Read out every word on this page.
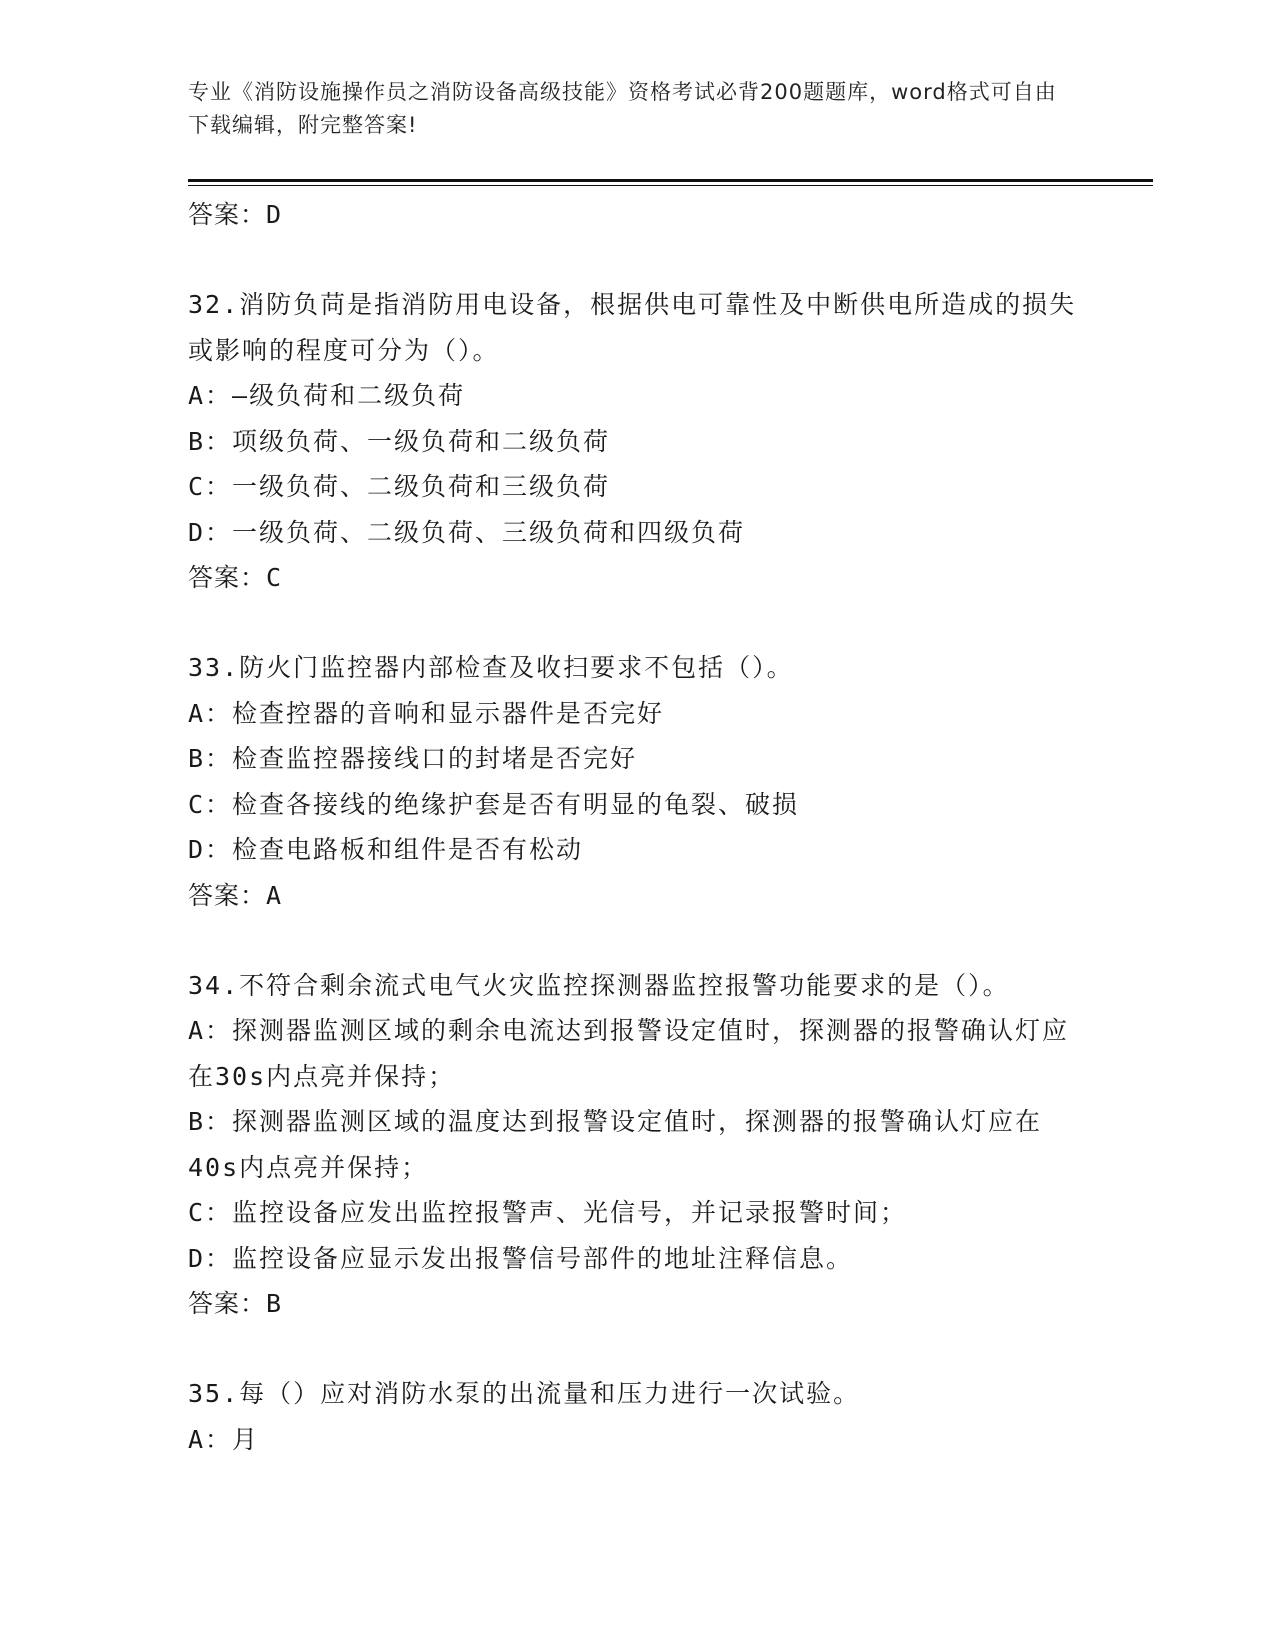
专业《消防设施操作员之消防设备高级技能》资格考试必背200题题库，word格式可自由下载编辑，附完整答案!
答案：D
32.消防负苘是指消防用电设备，根据供电可靠性及中断供电所造成的损失或影响的程度可分为（）。
A：—级负荷和二级负荷
B：项级负荷、一级负荷和二级负荷
C：一级负荷、二级负荷和三级负荷
D：一级负荷、二级负荷、三级负荷和四级负荷
答案：C
33.防火门监控器内部检查及收扫要求不包括（）。
A：检查控器的音响和显示器件是否完好
B：检查监控器接线口的封堵是否完好
C：检查各接线的绝缘护套是否有明显的龟裂、破损
D：检查电路板和组件是否有松动
答案：A
34.不符合剩余流式电气火灾监控探测器监控报警功能要求的是（）。
A：探测器监测区域的剩余电流达到报警设定值时，探测器的报警确认灯应在30s内点亮并保持；
B：探测器监测区域的温度达到报警设定值时，探测器的报警确认灯应在40s内点亮并保持；
C：监控设备应发出监控报警声、光信号，并记录报警时间；
D：监控设备应显示发出报警信号部件的地址注释信息。
答案：B
35.每（）应对消防水泵的出流量和压力进行一次试验。
A：月
